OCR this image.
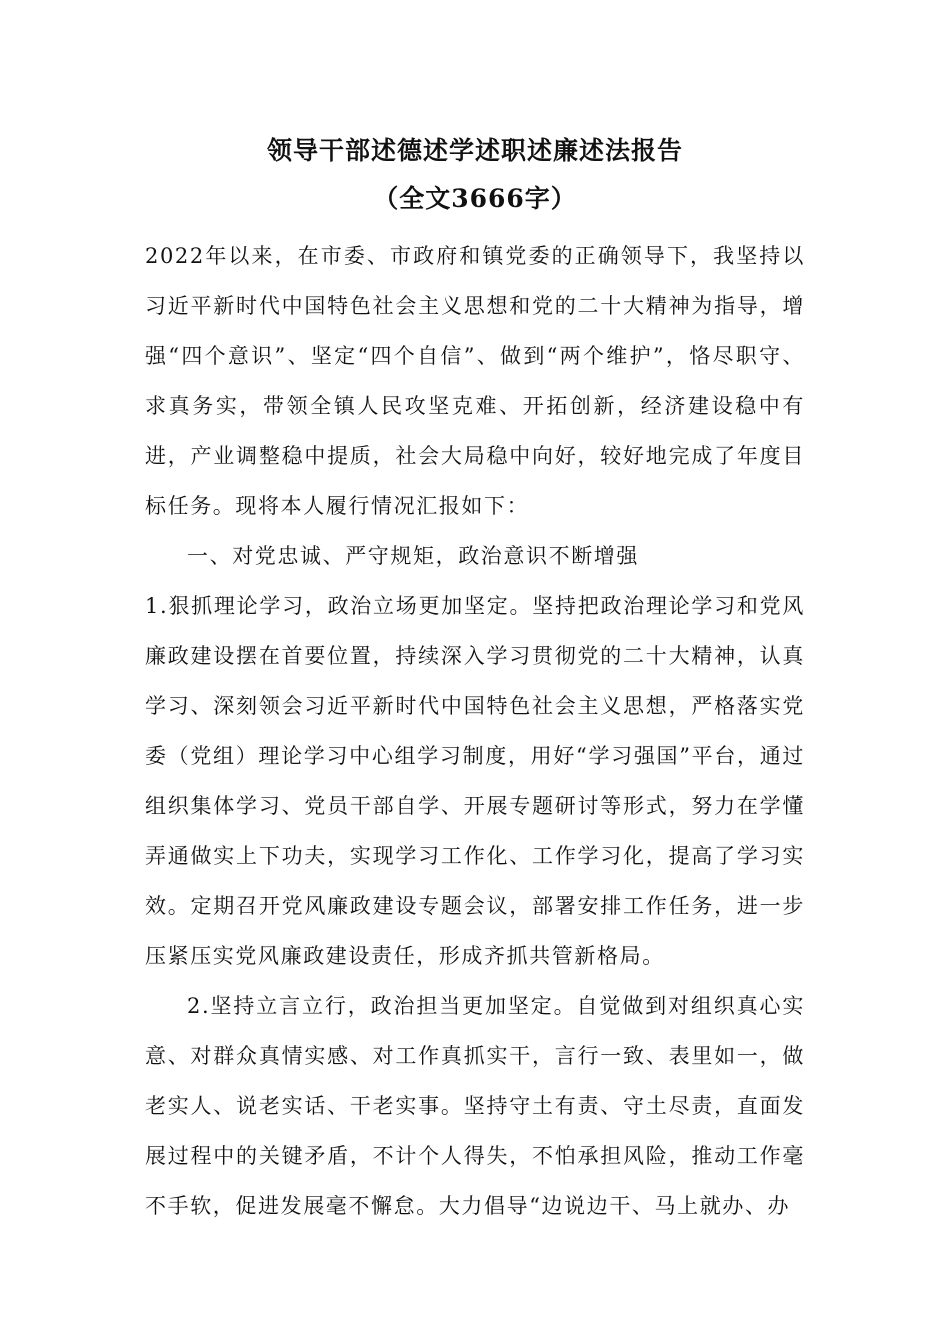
领导干部述德述学述职述廉述法报告
（全文3666字）

2022年以来，在市委、市政府和镇党委的正确领导下，我坚持以习近平新时代中国特色社会主义思想和党的二十大精神为指导，增强“四个意识”、坚定“四个自信”、做到“两个维护”，恪尽职守、求真务实，带领全镇人民攻坚克难、开拓创新，经济建设稳中有进，产业调整稳中提质，社会大局稳中向好，较好地完成了年度目标任务。现将本人履行情况汇报如下：

一、对党忠诚、严守规矩，政治意识不断增强

1.狠抓理论学习，政治立场更加坚定。坚持把政治理论学习和党风廉政建设摆在首要位置，持续深入学习贯彻党的二十大精神，认真学习、深刻领会习近平新时代中国特色社会主义思想，严格落实党委（党组）理论学习中心组学习制度，用好“学习强国”平台，通过组织集体学习、党员干部自学、开展专题研讨等形式，努力在学懂弄通做实上下功夫，实现学习工作化、工作学习化，提高了学习实效。定期召开党风廉政建设专题会议，部署安排工作任务，进一步压紧压实党风廉政建设责任，形成齐抓共管新格局。

2.坚持立言立行，政治担当更加坚定。自觉做到对组织真心实意、对群众真情实感、对工作真抓实干，言行一致、表里如一，做老实人、说老实话、干老实事。坚持守土有责、守土尽责，直面发展过程中的关键矛盾，不计个人得失，不怕承担风险，推动工作毫不手软，促进发展毫不懈怠。大力倡导“边说边干、马上就办、办
